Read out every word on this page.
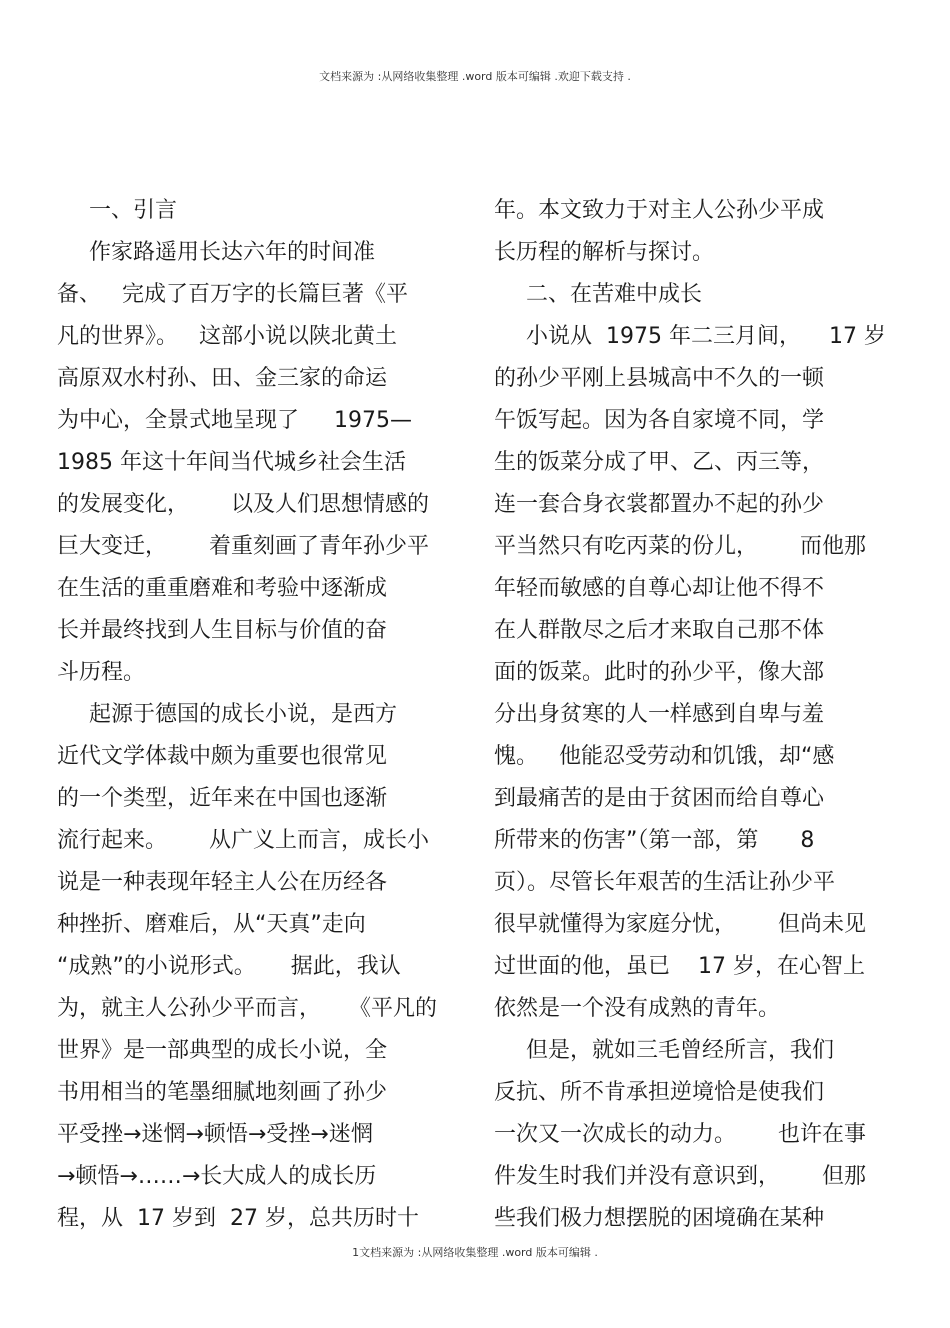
文档来源为 :从网络收集整理 .word 版本可编辑 .欢迎下载支持 .
一、引言
作家路遥用长达六年的时间准
备、   完成了百万字的长篇巨著《平
凡的世界》。   这部小说以陕北黄土
高原双水村孙、田、金三家的命运
为中心，全景式地呈现了     1975—
1985 年这十年间当代城乡社会生活
的发展变化，      以及人们思想情感的
巨大变迁，      着重刻画了青年孙少平
在生活的重重磨难和考验中逐渐成
长并最终找到人生目标与价值的奋
斗历程。
起源于德国的成长小说，是西方
近代文学体裁中颇为重要也很常见
的一个类型，近年来在中国也逐渐
流行起来。      从广义上而言，成长小
说是一种表现年轻主人公在历经各
种挫折、磨难后，从“天真”走向
“成熟”的小说形式。     据此，我认
为，就主人公孙少平而言，    《平凡的
世界》是一部典型的成长小说，全
书用相当的笔墨细腻地刻画了孙少
平受挫→迷惘→顿悟→受挫→迷惘
→顿悟→……→长大成人的成长历
程，从  17 岁到  27 岁，总共历时十
年。本文致力于对主人公孙少平成
长历程的解析与探讨。
二、在苦难中成长
小说从  1975 年二三月间，    17 岁
的孙少平刚上县城高中不久的一顿
午饭写起。因为各自家境不同，学
生的饭菜分成了甲、乙、丙三等，
连一套合身衣裳都置办不起的孙少
平当然只有吃丙菜的份儿，      而他那
年轻而敏感的自尊心却让他不得不
在人群散尽之后才来取自己那不体
面的饭菜。此时的孙少平，像大部
分出身贫寒的人一样感到自卑与羞
愧。   他能忍受劳动和饥饿，却“感
到最痛苦的是由于贫困而给自尊心
所带来的伤害”（第一部，第      8
页）。尽管长年艰苦的生活让孙少平
很早就懂得为家庭分忧，      但尚未见
过世面的他，虽已    17 岁，在心智上
依然是一个没有成熟的青年。
但是，就如三毛曾经所言，我们
反抗、所不肯承担逆境恰是使我们
一次又一次成长的动力。      也许在事
件发生时我们并没有意识到，      但那
些我们极力想摆脱的困境确在某种
1文档来源为 :从网络收集整理 .word 版本可编辑 .
